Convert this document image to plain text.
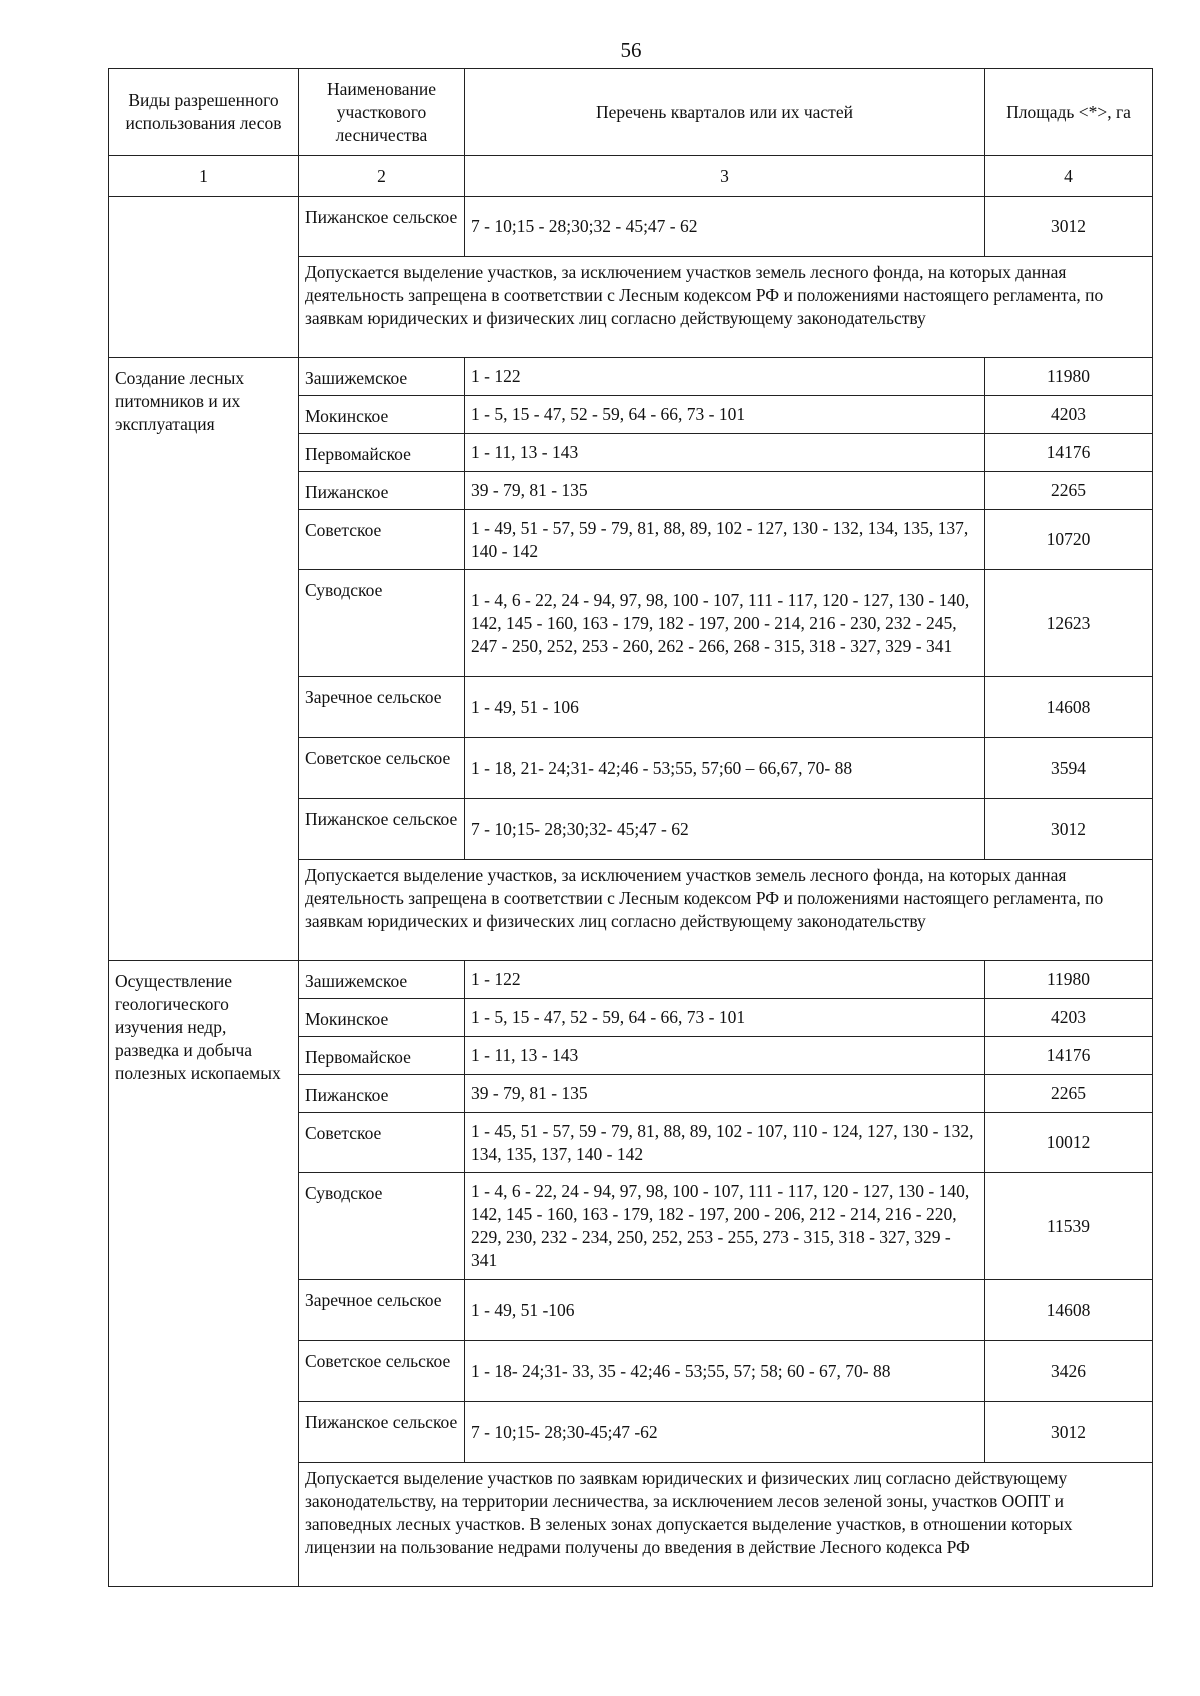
56
Виды разрешенного использования лесов	Наименование участкового лесничества	Перечень кварталов или их частей	Площадь <*>, га
1	2	3	4
	Пижанское сельское	7 - 10;15 - 28;30;32 - 45;47 - 62	3012
	Допускается выделение участков, за исключением участков земель лесного фонда, на которых данная деятельность запрещена в соответствии с Лесным кодексом РФ и положениями настоящего регламента, по заявкам юридических и физических лиц согласно действующему законодательству		
Создание лесных питомников и их эксплуатация	Зашижемское	1 - 122	11980
	Мокинское	1 - 5, 15 - 47, 52 - 59, 64 - 66, 73 - 101	4203
	Первомайское	1 - 11, 13 - 143	14176
	Пижанское	39 - 79, 81 - 135	2265
	Советское	1 - 49, 51 - 57, 59 - 79, 81, 88, 89, 102 - 127, 130 - 132, 134, 135, 137, 140 - 142	10720
	Суводское	1 - 4, 6 - 22, 24 - 94, 97, 98, 100 - 107, 111 - 117, 120 - 127, 130 - 140, 142, 145 - 160, 163 - 179, 182 - 197, 200 - 214, 216 - 230, 232 - 245, 247 - 250, 252, 253 - 260, 262 - 266, 268 - 315, 318 - 327, 329 - 341	12623
	Заречное сельское	1 - 49, 51 - 106	14608
	Советское сельское	1 - 18, 21- 24;31- 42;46 - 53;55, 57;60 – 66,67, 70- 88	3594
	Пижанское сельское	7 - 10;15- 28;30;32- 45;47 - 62	3012
	Допускается выделение участков, за исключением участков земель лесного фонда, на которых данная деятельность запрещена в соответствии с Лесным кодексом РФ и положениями настоящего регламента, по заявкам юридических и физических лиц согласно действующему законодательству		
Осуществление геологического изучения недр, разведка и добыча полезных ископаемых	Зашижемское	1 - 122	11980
	Мокинское	1 - 5, 15 - 47, 52 - 59, 64 - 66, 73 - 101	4203
	Первомайское	1 - 11, 13 - 143	14176
	Пижанское	39 - 79, 81 - 135	2265
	Советское	1 - 45, 51 - 57, 59 - 79, 81, 88, 89, 102 - 107, 110 - 124, 127, 130 - 132, 134, 135, 137, 140 - 142	10012
	Суводское	1 - 4, 6 - 22, 24 - 94, 97, 98, 100 - 107, 111 - 117, 120 - 127, 130 - 140, 142, 145 - 160, 163 - 179, 182 - 197, 200 - 206, 212 - 214, 216 - 220, 229, 230, 232 - 234, 250, 252, 253 - 255, 273 - 315, 318 - 327, 329 - 341	11539
	Заречное сельское	1 - 49, 51 -106	14608
	Советское сельское	1 - 18- 24;31- 33, 35 - 42;46 - 53;55, 57; 58; 60 - 67, 70- 88	3426
	Пижанское сельское	7 - 10;15- 28;30-45;47 -62	3012
	Допускается выделение участков по заявкам юридических и физических лиц согласно действующему законодательству, на территории лесничества, за исключением лесов зеленой зоны, участков ООПТ и заповедных лесных участков. В зеленых зонах допускается выделение участков, в отношении которых лицензии на пользование недрами получены до введения в действие Лесного кодекса РФ		
